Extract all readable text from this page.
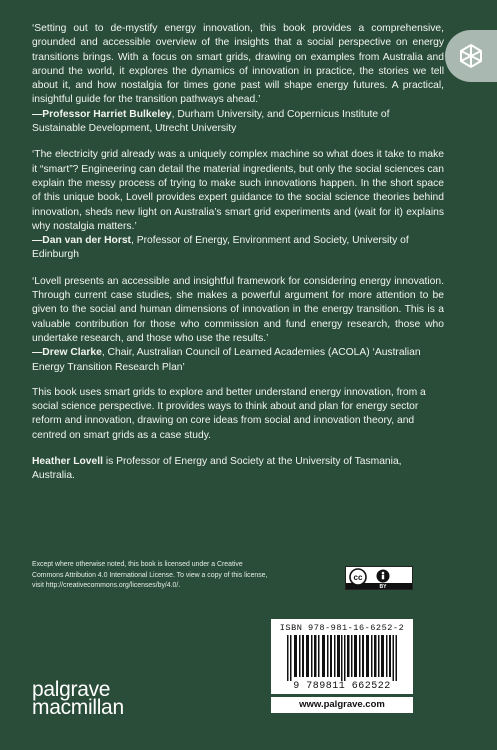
‘Setting out to de-mystify energy innovation, this book provides a comprehensive, grounded and accessible overview of the insights that a social perspective on energy transitions brings. With a focus on smart grids, drawing on examples from Australia and around the world, it explores the dynamics of innovation in practice, the stories we tell about it, and how nostalgia for times gone past will shape energy futures. A practical, insightful guide for the transition pathways ahead.’
—Professor Harriet Bulkeley, Durham University, and Copernicus Institute of Sustainable Development, Utrecht University

‘The electricity grid already was a uniquely complex machine so what does it take to make it “smart”? Engineering can detail the material ingredients, but only the social sciences can explain the messy process of trying to make such innovations happen. In the short space of this unique book, Lovell provides expert guidance to the social science theories behind innovation, sheds new light on Australia’s smart grid experiments and (wait for it) explains why nostalgia matters.’
—Dan van der Horst, Professor of Energy, Environment and Society, University of Edinburgh

‘Lovell presents an accessible and insightful framework for considering energy innovation. Through current case studies, she makes a powerful argument for more attention to be given to the social and human dimensions of innovation in the energy transition. This is a valuable contribution for those who commission and fund energy research, those who undertake research, and those who use the results.’
—Drew Clarke, Chair, Australian Council of Learned Academies (ACOLA) ‘Australian Energy Transition Research Plan’

This book uses smart grids to explore and better understand energy innovation, from a social science perspective. It provides ways to think about and plan for energy sector reform and innovation, drawing on core ideas from social and innovation theory, and centred on smart grids as a case study.

Heather Lovell is Professor of Energy and Society at the University of Tasmania, Australia.

Except where otherwise noted, this book is licensed under a Creative Commons Attribution 4.0 International License. To view a copy of this license, visit http://creativecommons.org/licenses/by/4.0/.
cc
BY
ISBN 978-981-16-6252-2
9 789811 662522
www.palgrave.com
palgrave
macmillan
